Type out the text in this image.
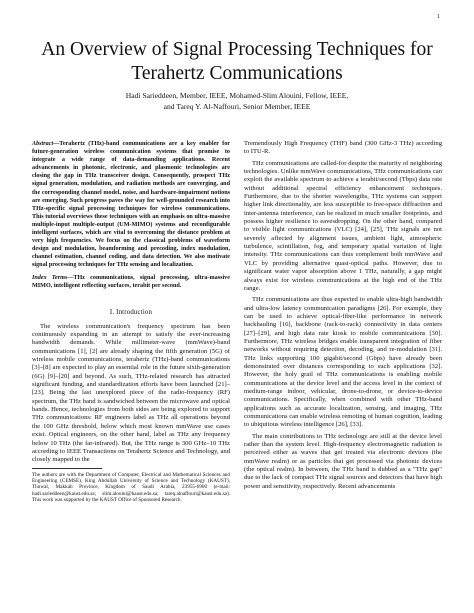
1
An Overview of Signal Processing Techniques for
Terahertz Communications
Hadi Sarieddeen, Member, IEEE, Mohamed-Slim Alouini, Fellow, IEEE,
and Tareq Y. Al-Naffouri, Senior Member, IEEE

Abstract—Terahertz (THz)-band communications are a key enabler for future-generation wireless communication systems that promise to integrate a wide range of data-demanding applications. Recent advancements in photonic, electronic, and plasmonic technologies are closing the gap in THz transceiver design. Consequently, prospect THz signal generation, modulation, and radiation methods are converging, and the corresponding channel model, noise, and hardware-impairment notions are emerging. Such progress paves the way for well-grounded research into THz-specific signal processing techniques for wireless communications. This tutorial overviews these techniques with an emphasis on ultra-massive multiple-input multiple-output (UM-MIMO) systems and reconfigurable intelligent surfaces, which are vital to overcoming the distance problem at very high frequencies. We focus on the classical problems of waveform design and modulation, beamforming and precoding, index modulation, channel estimation, channel coding, and data detection. We also motivate signal processing techniques for THz sensing and localization.

Index Terms—THz communications, signal processing, ultra-massive MIMO, intelligent reflecting surfaces, terabit per second.

I. Introduction

The wireless communication's frequency spectrum has been continuously expanding in an attempt to satisfy the ever-increasing bandwidth demands. While millimeter-wave (mmWave)-band communications [1], [2] are already shaping the fifth generation (5G) of wireless mobile communications, terahertz (THz)-band communications [3]–[8] are expected to play an essential role in the future sixth-generation (6G) [9]–[20] and beyond. As such, THz-related research has attracted significant funding, and standardization efforts have been launched [21]–[23]. Being the last unexplored piece of the radio-frequency (RF) spectrum, the THz band is sandwiched between the microwave and optical bands. Hence, technologies from both sides are being explored to support THz communications: RF engineers label as THz all operations beyond the 100 GHz threshold, below which most known mmWave use cases exist. Optical engineers, on the other hand, label as THz any frequency below 10 THz (the far-infrared). But, the THz range is 300 GHz–10 THz according to IEEE Transactions on Terahertz Science and Technology, and closely mapped to the

The authors are with the Department of Computer, Electrical and Mathematical Sciences and Engineering (CEMSE), King Abdullah University of Science and Technology (KAUST), Thuwal, Makkah Province, Kingdom of Saudi Arabia, 23955-6900 (e-mail: hadi.sarieddeen@kaust.edu.sa; slim.alouini@kaust.edu.sa; tareq.alnaffouri@kaust.edu.sa). This work was supported by the KAUST Office of Sponsored Research.

Tremendously High Frequency (THF) band (300 GHz-3 THz) according to ITU-R.

THz communications are called-for despite the maturity of neighboring technologies. Unlike mmWave communications, THz communications can exploit the available spectrum to achieve a terabit/second (Tbps) data rate without additional spectral efficiency enhancement techniques. Furthermore, due to the shorter wavelengths, THz systems can support higher link directionality, are less susceptible to free-space diffraction and inter-antenna interference, can be realized in much smaller footprints, and possess higher resilience to eavesdropping. On the other hand, compared to visible light communications (VLC) [24], [25], THz signals are not severely affected by alignment issues, ambient light, atmospheric turbulence, scintillation, fog, and temporary spatial variation of light intensity. THz communications can thus complement both mmWave and VLC by providing alternative quasi-optical paths. However, due to significant water vapor absorption above 1 THz, naturally, a gap might always exist for wireless communications at the high end of the THz range.

THz communications are thus expected to enable ultra-high bandwidth and ultra-low latency communication paradigms [26]. For example, they can be used to achieve optical-fiber-like performance in network backhauling [16], backbone (rack-to-rack) connectivity in data centers [27]–[29], and high data rate kiosk to mobile communications [30]. Furthermore, THz wireless bridges enable transparent integration of fiber networks without requiring detection, decoding, and re-modulation [31]. THz links supporting 100 gigabit/second (Gbps) have already been demonstrated over distances corresponding to such applications [32]. However, the holy grail of THz communications is enabling mobile communications at the device level and the access level in the context of medium-range indoor, vehicular, drone-to-drone, or device-to-device communications. Specifically, when combined with other THz-band applications such as accurate localization, sensing, and imaging, THz communications can enable wireless remoting of human cognition, leading to ubiquitous wireless intelligence [26], [33].

The main contributions to THz technology are still at the device level rather than the system level. High-frequency electromagnetic radiation is perceived either as waves that get treated via electronic devices (the mmWave realm) or as particles that get processed via photonic devices (the optical realm). In between, the THz band is dubbed as a "THz gap" due to the lack of compact THz signal sources and detectors that have high power and sensitivity, respectively. Recent advancements
